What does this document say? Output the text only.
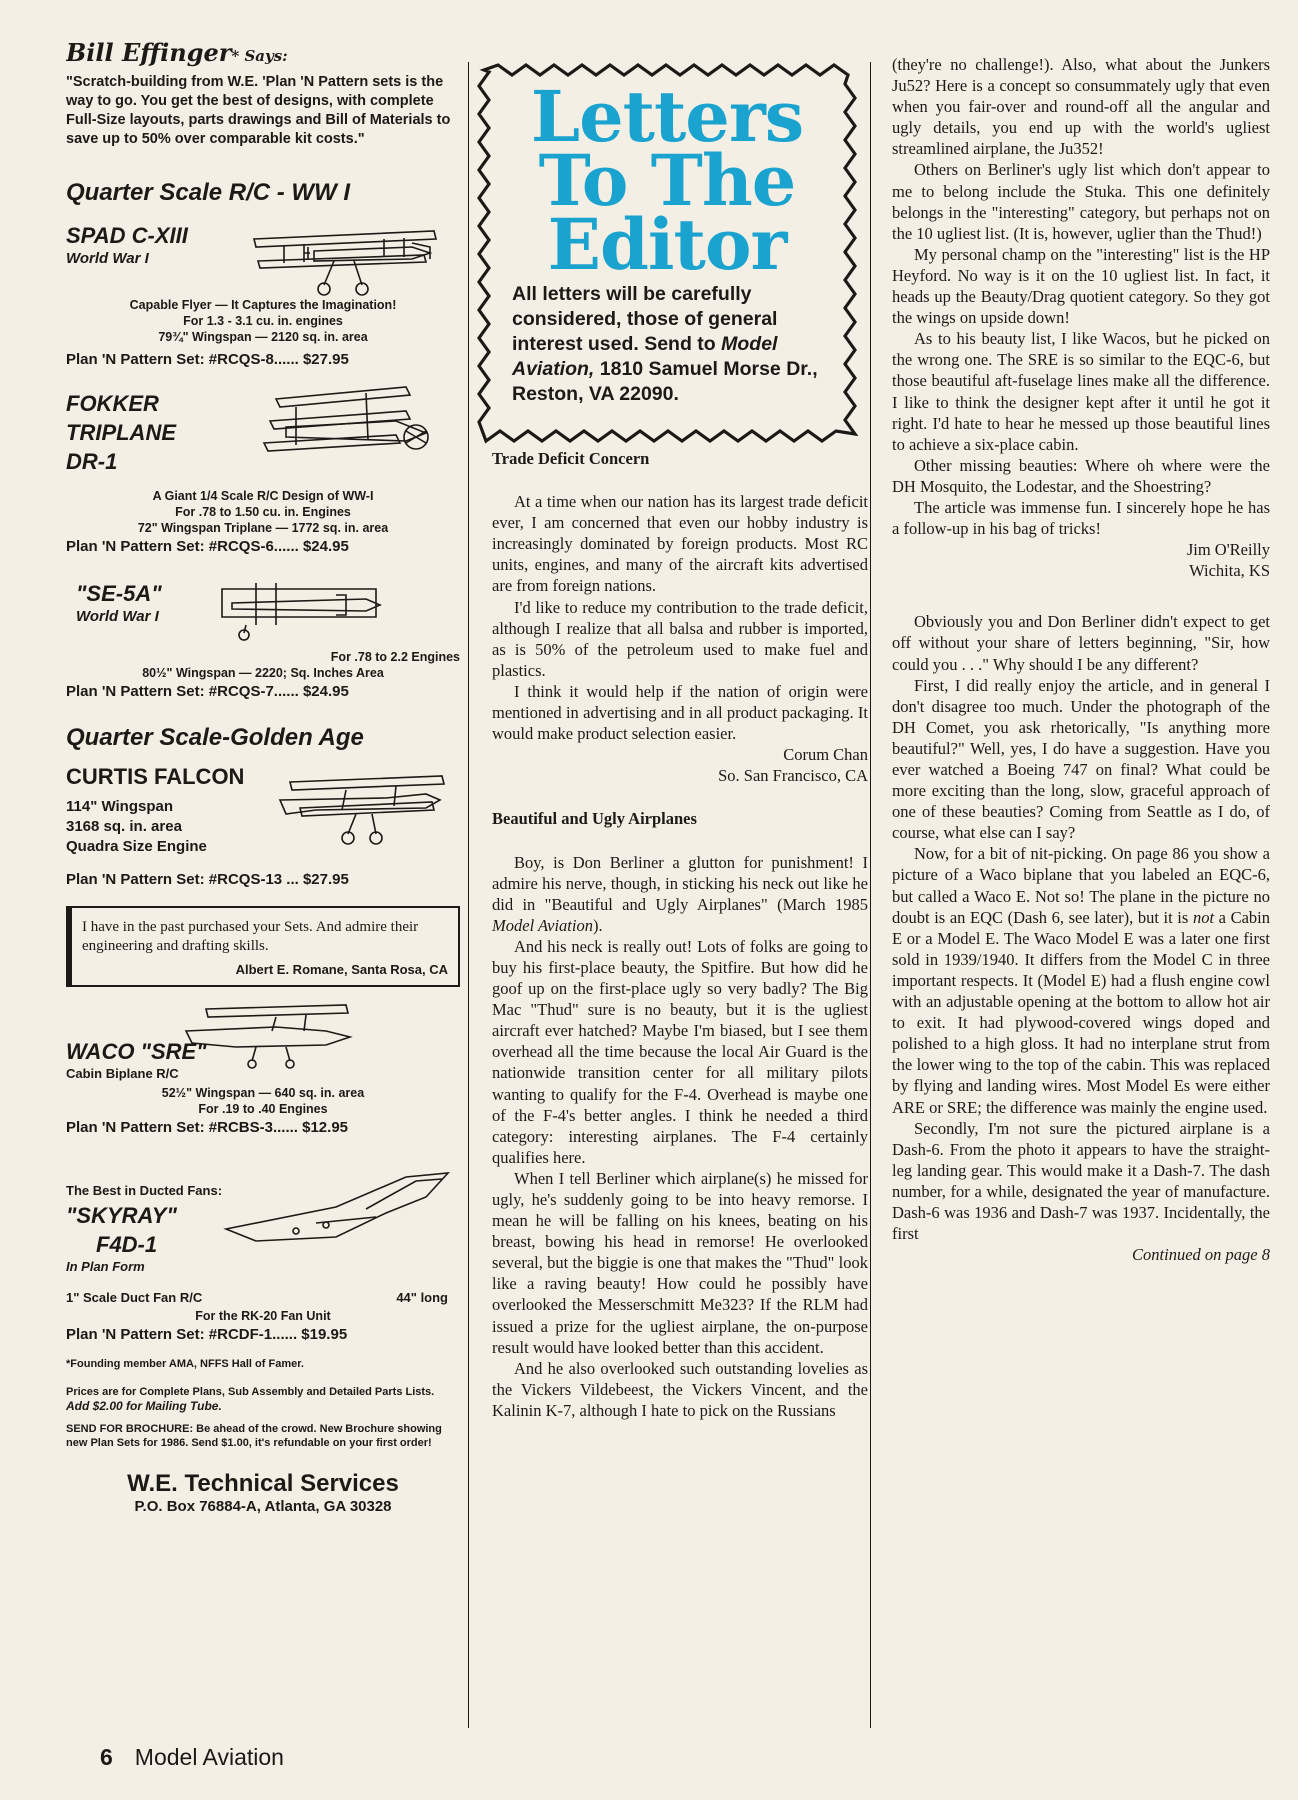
Bill Effinger* Says:
"Scratch-building from W.E. 'Plan 'N Pattern sets is the way to go. You get the best of designs, with complete Full-Size layouts, parts drawings and Bill of Materials to save up to 50% over comparable kit costs."
Quarter Scale R/C - WW I
SPAD C-XIII
World War I
Capable Flyer — It Captures the Imagination!
For 1.3 - 3.1 cu. in. engines
79¾" Wingspan — 2120 sq. in. area
Plan 'N Pattern Set: #RCQS-8...... $27.95
FOKKER
TRIPLANE
DR-1
A Giant 1/4 Scale R/C Design of WW-I
For .78 to 1.50 cu. in. Engines
72" Wingspan Triplane — 1772 sq. in. area
Plan 'N Pattern Set: #RCQS-6...... $24.95
"SE-5A"
World War I
For .78 to 2.2 Engines
80½" Wingspan — 2220; Sq. Inches Area
Plan 'N Pattern Set: #RCQS-7...... $24.95
Quarter Scale-Golden Age
CURTIS FALCON
114" Wingspan
3168 sq. in. area
Quadra Size Engine
Plan 'N Pattern Set: #RCQS-13 ... $27.95

I have in the past purchased your Sets. And admire their engineering and drafting skills.

Albert E. Romane, Santa Rosa, CA
WACO "SRE"
Cabin Biplane R/C
52½" Wingspan — 640 sq. in. area
For .19 to .40 Engines
Plan 'N Pattern Set: #RCBS-3...... $12.95
The Best in Ducted Fans:
"SKYRAY"
F4D-1
In Plan Form
1" Scale Duct Fan R/C	44" long
For the RK-20 Fan Unit
Plan 'N Pattern Set: #RCDF-1...... $19.95
*Founding member AMA, NFFS Hall of Famer.
Prices are for Complete Plans, Sub Assembly and Detailed Parts Lists. Add $2.00 for Mailing Tube.
SEND FOR BROCHURE: Be ahead of the crowd. New Brochure showing new Plan Sets for 1986. Send $1.00, it's refundable on your first order!
W.E. Technical Services
P.O. Box 76884-A, Atlanta, GA 30328
6 Model Aviation
Letters
To The
Editor
All letters will be carefully considered, those of general interest used. Send to Model Aviation, 1810 Samuel Morse Dr., Reston, VA 22090.
Trade Deficit Concern

At a time when our nation has its largest trade deficit ever, I am concerned that even our hobby industry is increasingly dominated by foreign products. Most RC units, engines, and many of the aircraft kits advertised are from foreign nations.

I'd like to reduce my contribution to the trade deficit, although I realize that all balsa and rubber is imported, as is 50% of the petroleum used to make fuel and plastics.

I think it would help if the nation of origin were mentioned in advertising and in all product packaging. It would make product selection easier.

Corum Chan

So. San Francisco, CA

Beautiful and Ugly Airplanes

Boy, is Don Berliner a glutton for punishment! I admire his nerve, though, in sticking his neck out like he did in "Beautiful and Ugly Airplanes" (March 1985 Model Aviation).

And his neck is really out! Lots of folks are going to buy his first-place beauty, the Spitfire. But how did he goof up on the first-place ugly so very badly? The Big Mac "Thud" sure is no beauty, but it is the ugliest aircraft ever hatched? Maybe I'm biased, but I see them overhead all the time because the local Air Guard is the nationwide transition center for all military pilots wanting to qualify for the F-4. Overhead is maybe one of the F-4's better angles. I think he needed a third category: interesting airplanes. The F-4 certainly qualifies here.

When I tell Berliner which airplane(s) he missed for ugly, he's suddenly going to be into heavy remorse. I mean he will be falling on his knees, beating on his breast, bowing his head in remorse! He overlooked several, but the biggie is one that makes the "Thud" look like a raving beauty! How could he possibly have overlooked the Messerschmitt Me323? If the RLM had issued a prize for the ugliest airplane, the on-purpose result would have looked better than this accident.

And he also overlooked such outstanding lovelies as the Vickers Vildebeest, the Vickers Vincent, and the Kalinin K-7, although I hate to pick on the Russians

(they're no challenge!). Also, what about the Junkers Ju52? Here is a concept so consummately ugly that even when you fair-over and round-off all the angular and ugly details, you end up with the world's ugliest streamlined airplane, the Ju352!

Others on Berliner's ugly list which don't appear to me to belong include the Stuka. This one definitely belongs in the "interesting" category, but perhaps not on the 10 ugliest list. (It is, however, uglier than the Thud!)

My personal champ on the "interesting" list is the HP Heyford. No way is it on the 10 ugliest list. In fact, it heads up the Beauty/Drag quotient category. So they got the wings on upside down!

As to his beauty list, I like Wacos, but he picked on the wrong one. The SRE is so similar to the EQC-6, but those beautiful aft-fuselage lines make all the difference. I like to think the designer kept after it until he got it right. I'd hate to hear he messed up those beautiful lines to achieve a six-place cabin.

Other missing beauties: Where oh where were the DH Mosquito, the Lodestar, and the Shoestring?

The article was immense fun. I sincerely hope he has a follow-up in his bag of tricks!

Jim O'Reilly

Wichita, KS

Obviously you and Don Berliner didn't expect to get off without your share of letters beginning, "Sir, how could you . . ." Why should I be any different?

First, I did really enjoy the article, and in general I don't disagree too much. Under the photograph of the DH Comet, you ask rhetorically, "Is anything more beautiful?" Well, yes, I do have a suggestion. Have you ever watched a Boeing 747 on final? What could be more exciting than the long, slow, graceful approach of one of these beauties? Coming from Seattle as I do, of course, what else can I say?

Now, for a bit of nit-picking. On page 86 you show a picture of a Waco biplane that you labeled an EQC-6, but called a Waco E. Not so! The plane in the picture no doubt is an EQC (Dash 6, see later), but it is not a Cabin E or a Model E. The Waco Model E was a later one first sold in 1939/1940. It differs from the Model C in three important respects. It (Model E) had a flush engine cowl with an adjustable opening at the bottom to allow hot air to exit. It had plywood-covered wings doped and polished to a high gloss. It had no interplane strut from the lower wing to the top of the cabin. This was replaced by flying and landing wires. Most Model Es were either ARE or SRE; the difference was mainly the engine used.

Secondly, I'm not sure the pictured airplane is a Dash-6. From the photo it appears to have the straight-leg landing gear. This would make it a Dash-7. The dash number, for a while, designated the year of manufacture. Dash-6 was 1936 and Dash-7 was 1937. Incidentally, the first

Continued on page 8
